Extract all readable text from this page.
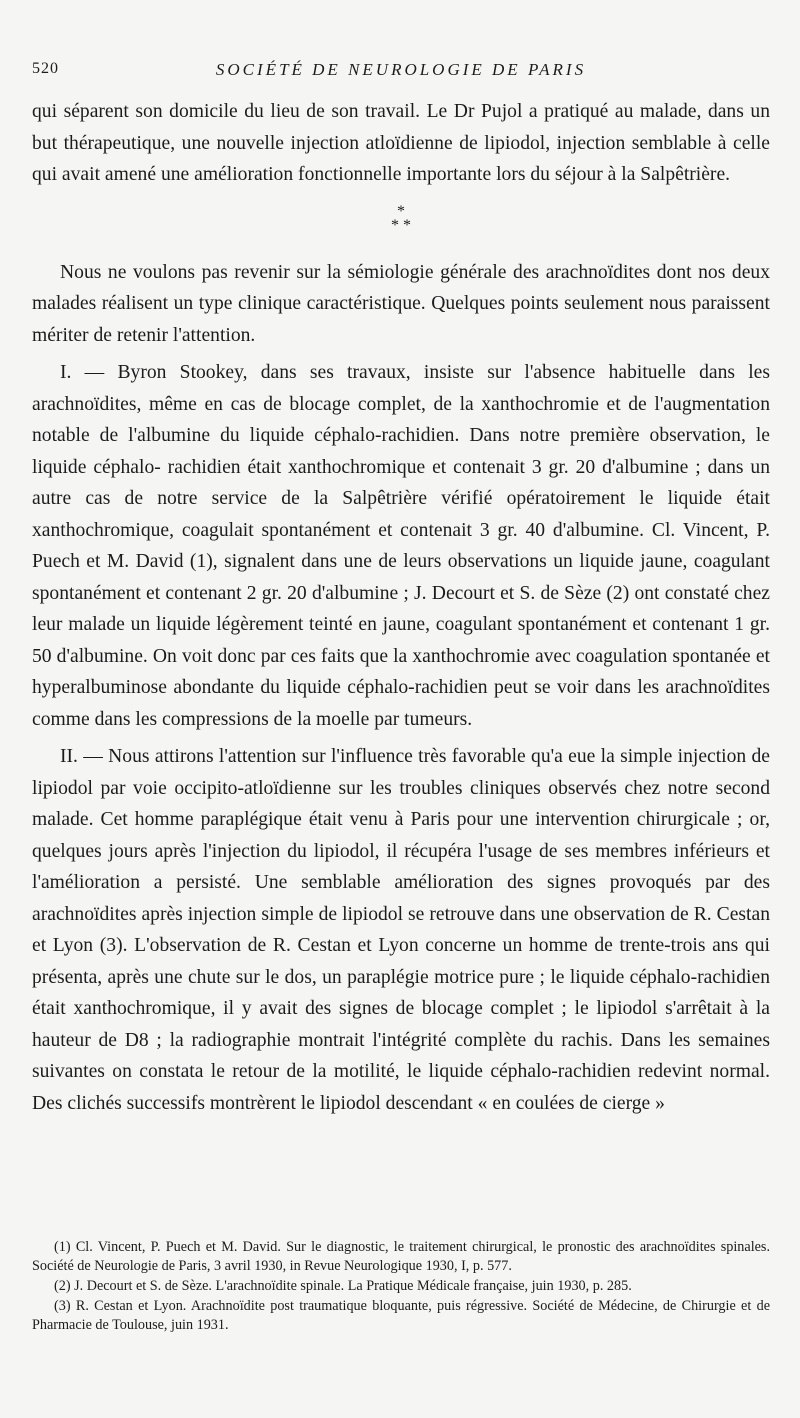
520	SOCIÉTÉ DE NEUROLOGIE DE PARIS

qui séparent son domicile du lieu de son travail. Le Dr Pujol a pratiqué au malade, dans un but thérapeutique, une nouvelle injection atloïdienne de lipiodol, injection semblable à celle qui avait amené une amélioration fonctionnelle importante lors du séjour à la Salpêtrière.

*
* *

Nous ne voulons pas revenir sur la sémiologie générale des arachnoïdites dont nos deux malades réalisent un type clinique caractéristique. Quelques points seulement nous paraissent mériter de retenir l'attention.

I. — Byron Stookey, dans ses travaux, insiste sur l'absence habituelle dans les arachnoïdites, même en cas de blocage complet, de la xanthochromie et de l'augmentation notable de l'albumine du liquide céphalo-rachidien. Dans notre première observation, le liquide céphalo- rachidien était xanthochromique et contenait 3 gr. 20 d'albumine ; dans un autre cas de notre service de la Salpêtrière vérifié opératoirement le liquide était xanthochromique, coagulait spontanément et contenait 3 gr. 40 d'albumine. Cl. Vincent, P. Puech et M. David (1), signalent dans une de leurs observations un liquide jaune, coagulant spontanément et contenant 2 gr. 20 d'albumine ; J. Decourt et S. de Sèze (2) ont constaté chez leur malade un liquide légèrement teinté en jaune, coagulant spontanément et contenant 1 gr. 50 d'albumine. On voit donc par ces faits que la xanthochromie avec coagulation spontanée et hyperalbuminose abondante du liquide céphalo-rachidien peut se voir dans les arachnoïdites comme dans les compressions de la moelle par tumeurs.

II. — Nous attirons l'attention sur l'influence très favorable qu'a eue la simple injection de lipiodol par voie occipito-atloïdienne sur les troubles cliniques observés chez notre second malade. Cet homme paraplégique était venu à Paris pour une intervention chirurgicale ; or, quelques jours après l'injection du lipiodol, il récupéra l'usage de ses membres inférieurs et l'amélioration a persisté. Une semblable amélioration des signes provoqués par des arachnoïdites après injection simple de lipiodol se retrouve dans une observation de R. Cestan et Lyon (3). L'observation de R. Cestan et Lyon concerne un homme de trente-trois ans qui présenta, après une chute sur le dos, un paraplégie motrice pure ; le liquide céphalo-rachidien était xanthochromique, il y avait des signes de blocage complet ; le lipiodol s'arrêtait à la hauteur de D8 ; la radiographie montrait l'intégrité complète du rachis. Dans les semaines suivantes on constata le retour de la motilité, le liquide céphalo-rachidien redevint normal. Des clichés successifs montrèrent le lipiodol descendant « en coulées de cierge »

(1) Cl. Vincent, P. Puech et M. David. Sur le diagnostic, le traitement chirurgical, le pronostic des arachnoïdites spinales. Société de Neurologie de Paris, 3 avril 1930, in Revue Neurologique 1930, I, p. 577.

(2) J. Decourt et S. de Sèze. L'arachnoïdite spinale. La Pratique Médicale française, juin 1930, p. 285.

(3) R. Cestan et Lyon. Arachnoïdite post traumatique bloquante, puis régressive. Société de Médecine, de Chirurgie et de Pharmacie de Toulouse, juin 1931.
